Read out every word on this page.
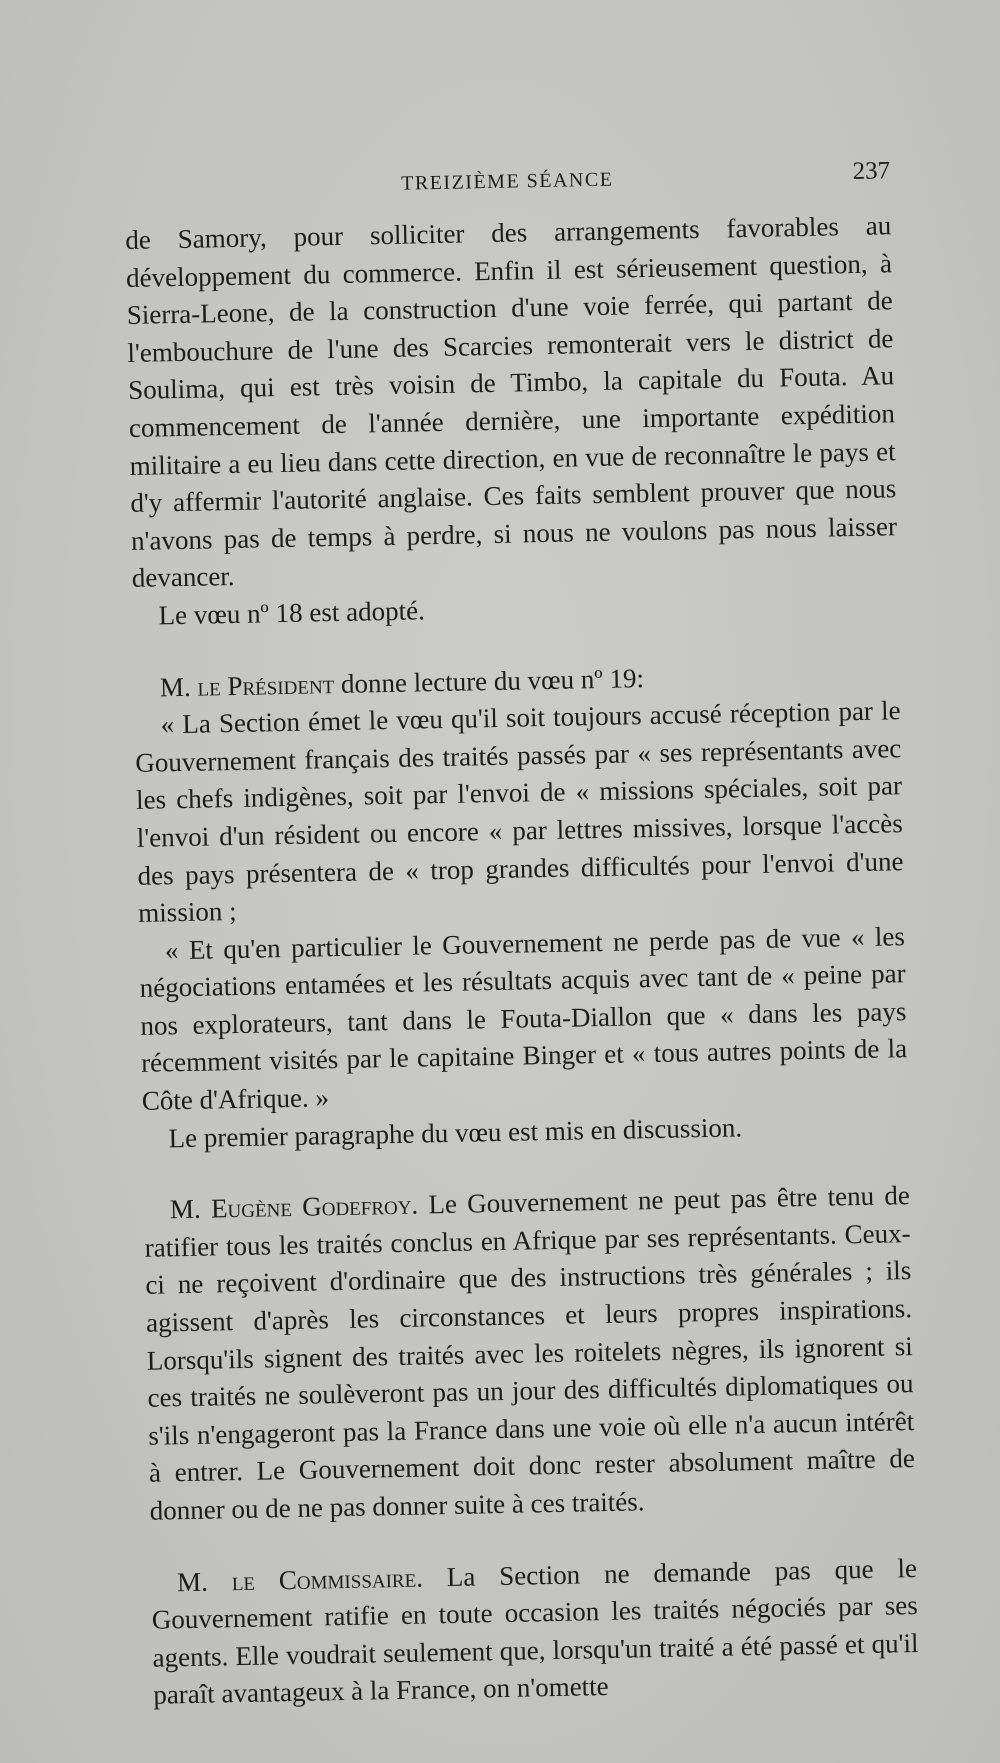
TREIZIÈME SÉANCE	237

de Samory, pour solliciter des arrangements favorables au développement du commerce. Enfin il est sérieusement question, à Sierra-Leone, de la construction d'une voie ferrée, qui partant de l'embouchure de l'une des Scarcies remonterait vers le district de Soulima, qui est très voisin de Timbo, la capitale du Fouta. Au commencement de l'année dernière, une importante expédition militaire a eu lieu dans cette direction, en vue de reconnaître le pays et d'y affermir l'autorité anglaise. Ces faits semblent prouver que nous n'avons pas de temps à perdre, si nous ne voulons pas nous laisser devancer.

Le vœu nº 18 est adopté.

M. le Président donne lecture du vœu nº 19:

« La Section émet le vœu qu'il soit toujours accusé réception par le Gouvernement français des traités passés par « ses représentants avec les chefs indigènes, soit par l'envoi de « missions spéciales, soit par l'envoi d'un résident ou encore « par lettres missives, lorsque l'accès des pays présentera de « trop grandes difficultés pour l'envoi d'une mission ;

« Et qu'en particulier le Gouvernement ne perde pas de vue « les négociations entamées et les résultats acquis avec tant de « peine par nos explorateurs, tant dans le Fouta-Diallon que « dans les pays récemment visités par le capitaine Binger et « tous autres points de la Côte d'Afrique. »

Le premier paragraphe du vœu est mis en discussion.

M. Eugène Godefroy. Le Gouvernement ne peut pas être tenu de ratifier tous les traités conclus en Afrique par ses représentants. Ceux-ci ne reçoivent d'ordinaire que des instructions très générales ; ils agissent d'après les circonstances et leurs propres inspirations. Lorsqu'ils signent des traités avec les roitelets nègres, ils ignorent si ces traités ne soulèveront pas un jour des difficultés diplomatiques ou s'ils n'engageront pas la France dans une voie où elle n'a aucun intérêt à entrer. Le Gouvernement doit donc rester absolument maître de donner ou de ne pas donner suite à ces traités.

M. le Commissaire. La Section ne demande pas que le Gouvernement ratifie en toute occasion les traités négociés par ses agents. Elle voudrait seulement que, lorsqu'un traité a été passé et qu'il paraît avantageux à la France, on n'omette
